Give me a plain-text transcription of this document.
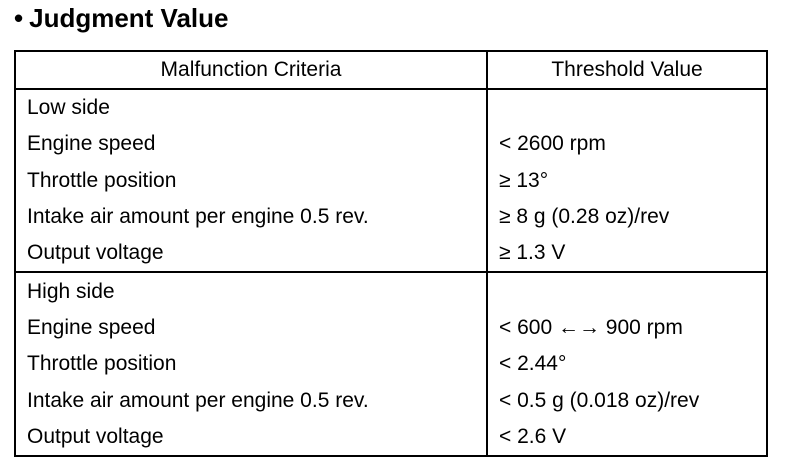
• Judgment Value
Malfunction Criteria	Threshold Value
Low side	
Engine speed	< 2600 rpm
Throttle position	≥ 13°
Intake air amount per engine 0.5 rev.	≥ 8 g (0.28 oz)/rev
Output voltage	≥ 1.3 V
High side	
Engine speed	< 600 ←→ 900 rpm
Throttle position	< 2.44°
Intake air amount per engine 0.5 rev.	< 0.5 g (0.018 oz)/rev
Output voltage	< 2.6 V
